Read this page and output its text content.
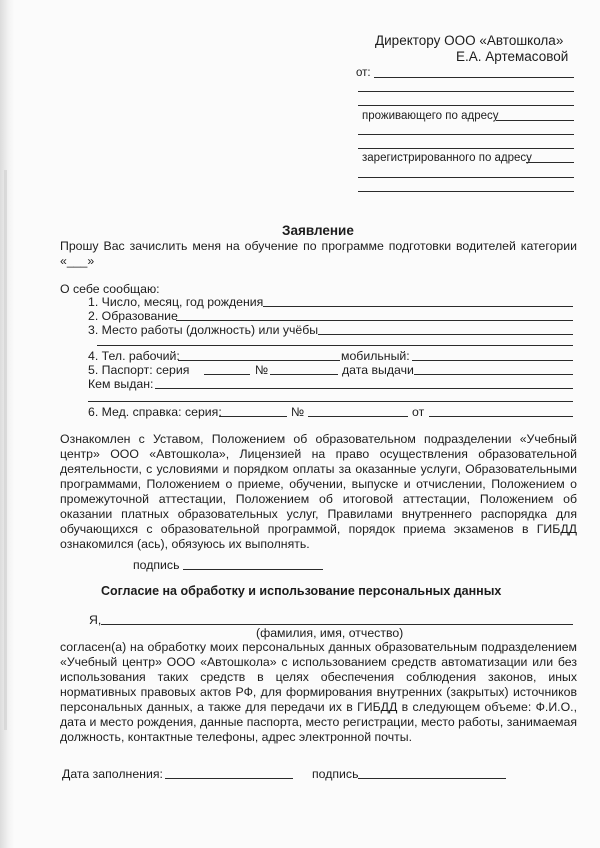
Директору ООО «Автошкола»
Е.А. Артемасовой
от:
проживающего по адресу
зарегистрированного по адресу
Заявление
Прошу Вас зачислить меня на обучение по программе подготовки водителей категории
«___»
О себе сообщаю:
1. Число, месяц, год рождения
2. Образование
3. Место работы (должность) или учёбы
4. Тел. рабочий:	мобильный:
5. Паспорт: серия	№	дата выдачи
Кем выдан:
6. Мед. справка: серия:	№	от
Ознакомлен с Уставом, Положением об образовательном подразделении «Учебный
центр» ООО «Автошкола», Лицензией на право осуществления образовательной
деятельности, с условиями и порядком оплаты за оказанные услуги, Образовательными
программами, Положением о приеме, обучении, выпуске и отчислении, Положением о
промежуточной аттестации, Положением об итоговой аттестации, Положением об
оказании платных образовательных услуг, Правилами внутреннего распорядка для
обучающихся с образовательной программой, порядок приема экзаменов в ГИБДД
ознакомился (ась), обязуюсь их выполнять.
подпись
Согласие на обработку и использование персональных данных
Я,
(фамилия, имя, отчество)
согласен(а) на обработку моих персональных данных образовательным подразделением
«Учебный центр» ООО «Автошкола» с использованием средств автоматизации или без
использования таких средств в целях обеспечения соблюдения законов, иных
нормативных правовых актов РФ, для формирования внутренних (закрытых) источников
персональных данных, а также для передачи их в ГИБДД в следующем объеме: Ф.И.О.,
дата и место рождения, данные паспорта, место регистрации, место работы, занимаемая
должность, контактные телефоны, адрес электронной почты.
Дата заполнения:	подпись
